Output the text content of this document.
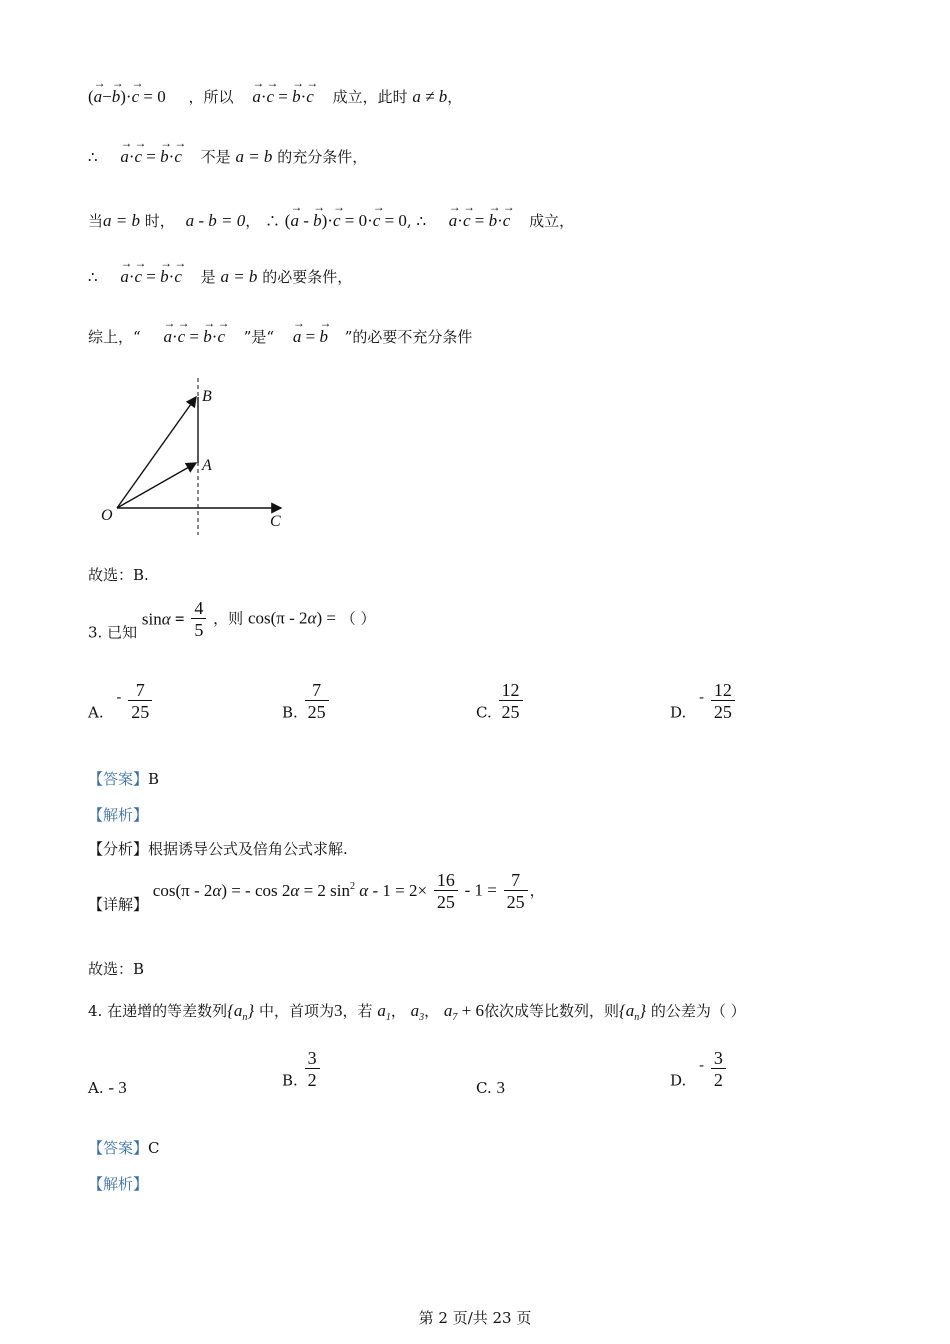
(→ a−→ b)·→ c = 0 ，所以 → a·→ c = → b·→ c 成立，此时 a ≠ b，
∴ → a·→ c = → b·→ c 不是 a = b 的充分条件，
当a = b 时， a - b = 0， ∴ (→ a - → b)·→ c = 0·→ c = 0, ∴ → a·→ c = → b·→ c 成立，
∴ → a·→ c = → b·→ c 是 a = b 的必要条件，
综上，“ → a·→ c = → b·→ c ”是“ → a = → b ”的必要不充分条件
B
A
O	C
故选：B.
3. 已知 $\sin\alpha = \frac{4}{5}$ ，则 cos(π - 2α) = （ ）
A. - $\frac{7}{25}$	B. $\frac{7}{25}$	C. $\frac{12}{25}$	D. - $\frac{12}{25}$
【答案】B
【解析】
【分析】根据诱导公式及倍角公式求解.
【详解】 cos(π - 2α) = - cos 2α = 2 $\sin^2 \alpha - 1 = 2\times \frac{16}{25} - 1 = \frac{7}{25}$ ，
故选：B
4. 在递增的等差数列$\{a_n\}$ 中，首项为3，若 $a_1$， $a_3$， $a_7 + 6$依次成等比数列，则$\{a_n\}$ 的公差为（ ）
A. - 3	B. $\frac{3}{2}$	C. 3	D. - $\frac{3}{2}$
【答案】C
【解析】
第 2 页/共 23 页
